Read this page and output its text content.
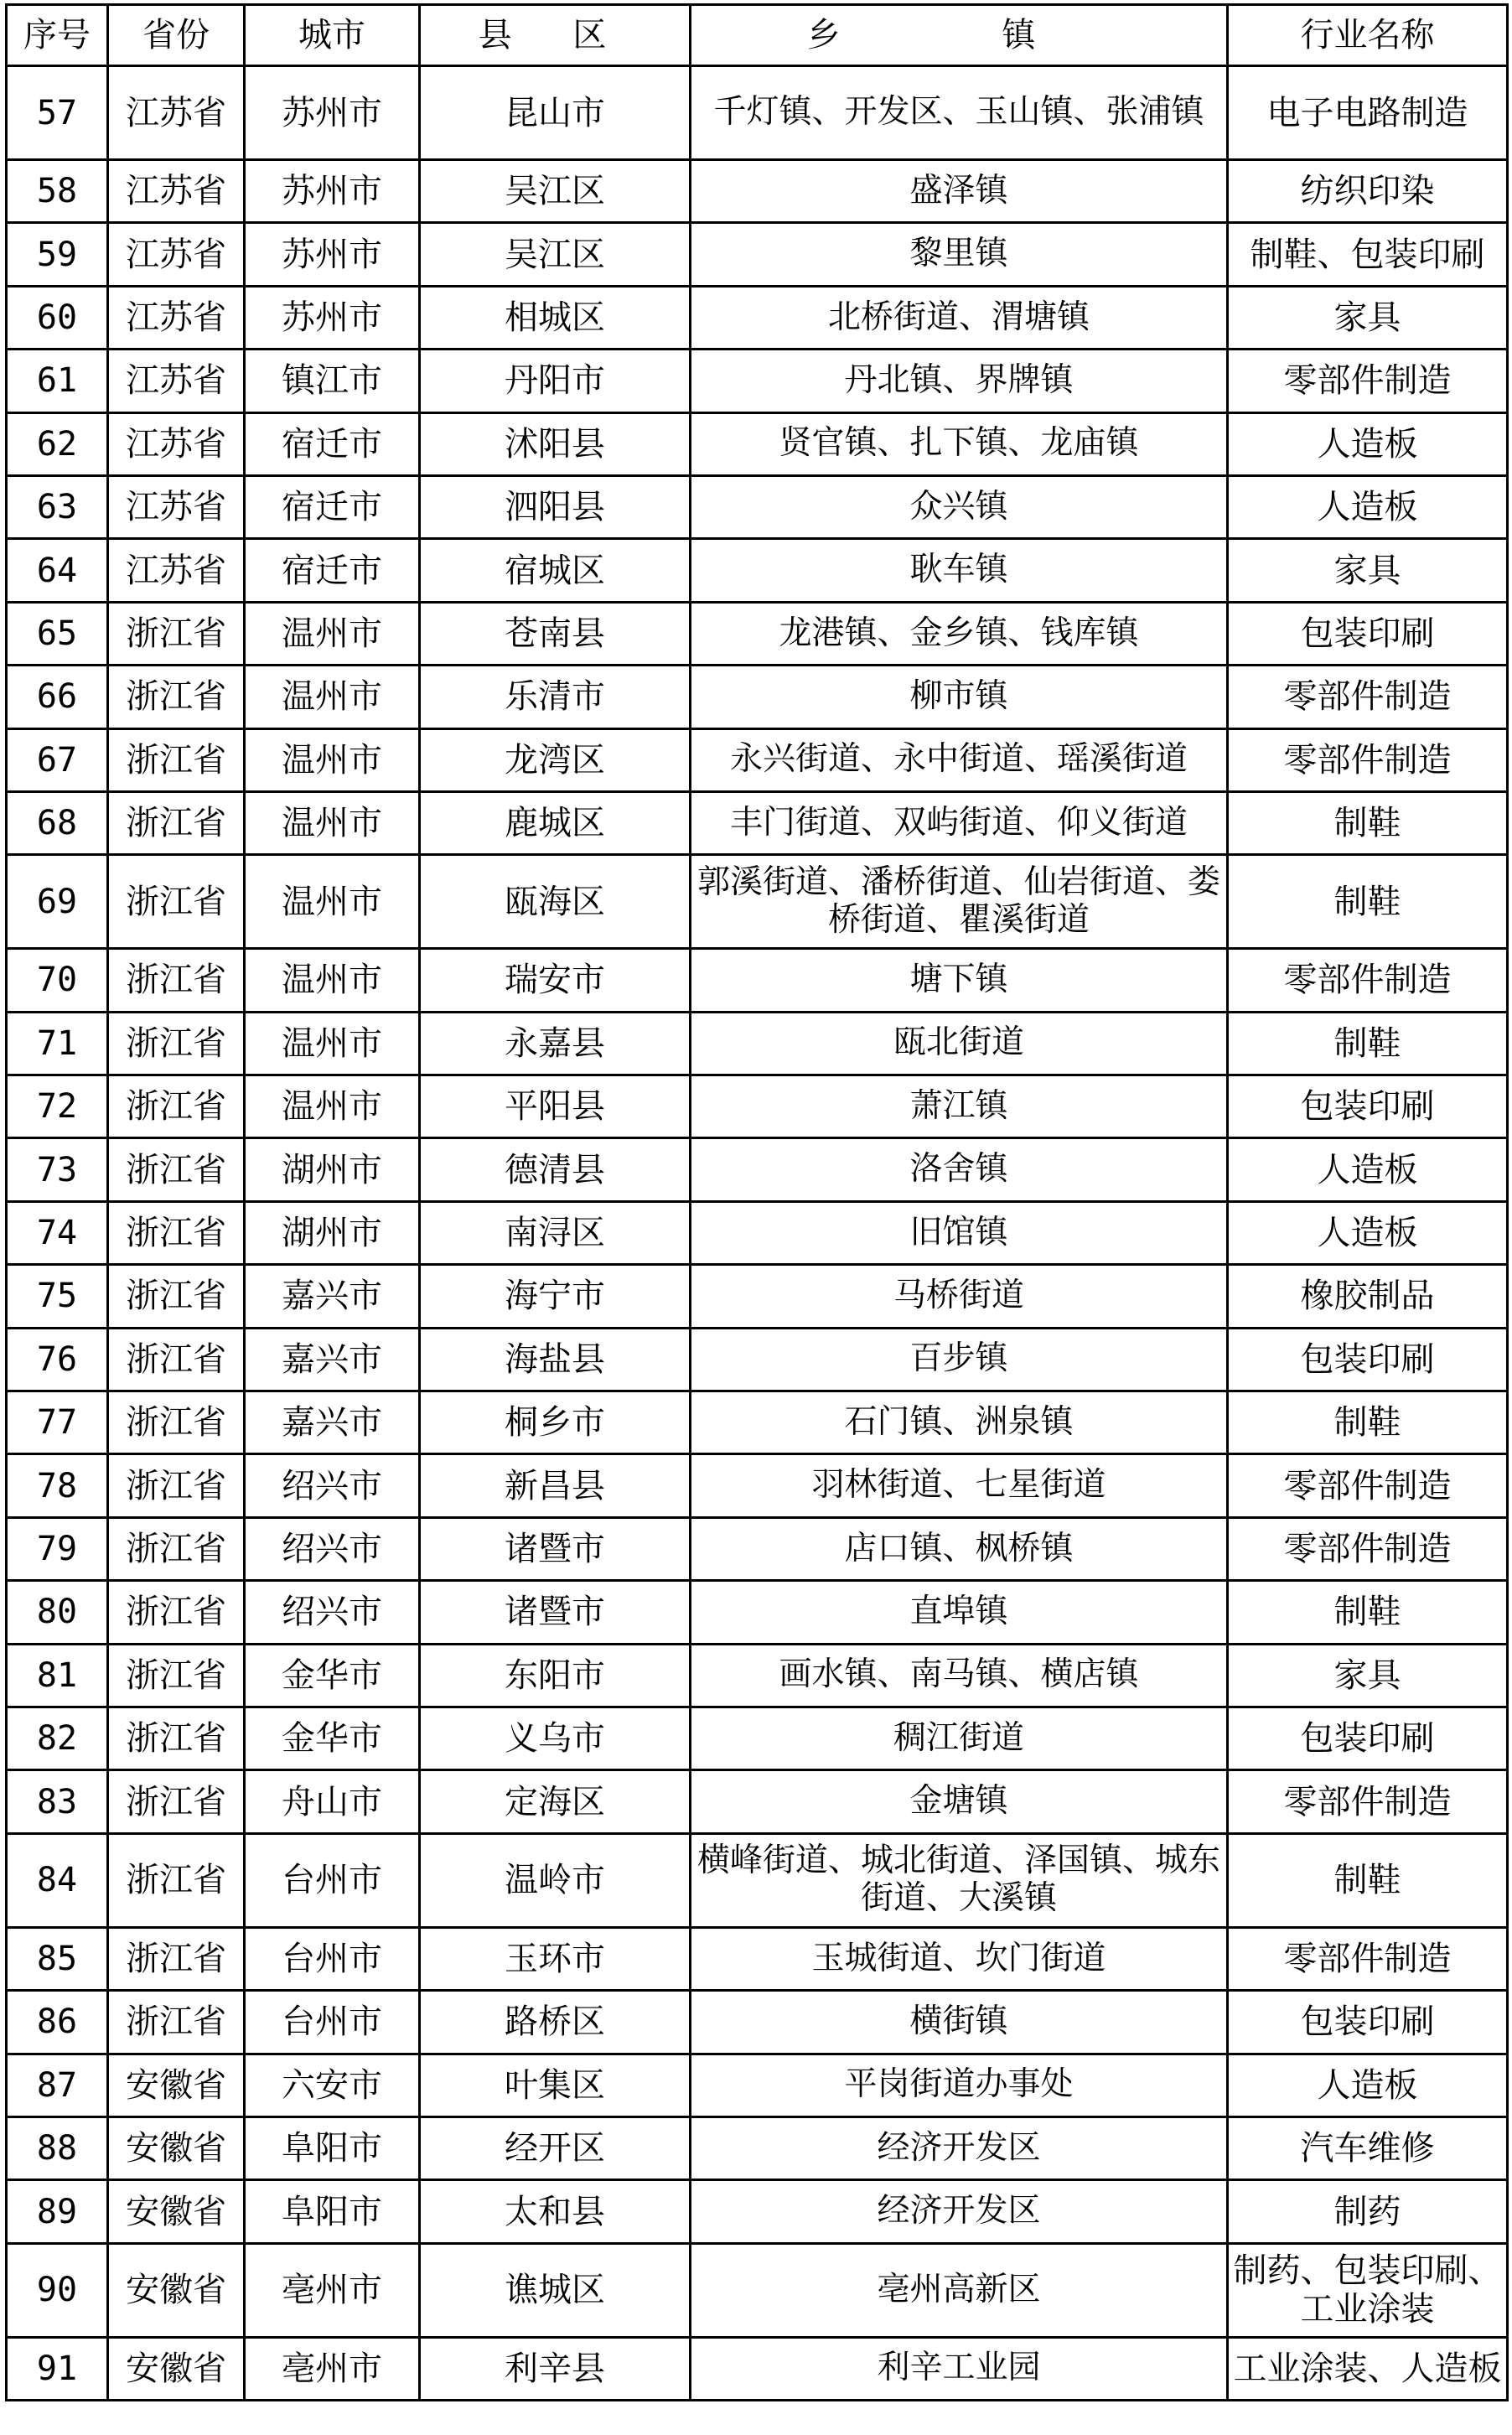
序号	省份	城市	县 区	乡 镇	行业名称
57	江苏省	苏州市	昆山市	千灯镇、开发区、玉山镇、张浦镇	电子电路制造
58	江苏省	苏州市	吴江区	盛泽镇	纺织印染
59	江苏省	苏州市	吴江区	黎里镇	制鞋、包装印刷
60	江苏省	苏州市	相城区	北桥街道、渭塘镇	家具
61	江苏省	镇江市	丹阳市	丹北镇、界牌镇	零部件制造
62	江苏省	宿迁市	沭阳县	贤官镇、扎下镇、龙庙镇	人造板
63	江苏省	宿迁市	泗阳县	众兴镇	人造板
64	江苏省	宿迁市	宿城区	耿车镇	家具
65	浙江省	温州市	苍南县	龙港镇、金乡镇、钱库镇	包装印刷
66	浙江省	温州市	乐清市	柳市镇	零部件制造
67	浙江省	温州市	龙湾区	永兴街道、永中街道、瑶溪街道	零部件制造
68	浙江省	温州市	鹿城区	丰门街道、双屿街道、仰义街道	制鞋
69	浙江省	温州市	瓯海区	郭溪街道、潘桥街道、仙岩街道、娄桥街道、瞿溪街道	制鞋
70	浙江省	温州市	瑞安市	塘下镇	零部件制造
71	浙江省	温州市	永嘉县	瓯北街道	制鞋
72	浙江省	温州市	平阳县	萧江镇	包装印刷
73	浙江省	湖州市	德清县	洛舍镇	人造板
74	浙江省	湖州市	南浔区	旧馆镇	人造板
75	浙江省	嘉兴市	海宁市	马桥街道	橡胶制品
76	浙江省	嘉兴市	海盐县	百步镇	包装印刷
77	浙江省	嘉兴市	桐乡市	石门镇、洲泉镇	制鞋
78	浙江省	绍兴市	新昌县	羽林街道、七星街道	零部件制造
79	浙江省	绍兴市	诸暨市	店口镇、枫桥镇	零部件制造
80	浙江省	绍兴市	诸暨市	直埠镇	制鞋
81	浙江省	金华市	东阳市	画水镇、南马镇、横店镇	家具
82	浙江省	金华市	义乌市	稠江街道	包装印刷
83	浙江省	舟山市	定海区	金塘镇	零部件制造
84	浙江省	台州市	温岭市	横峰街道、城北街道、泽国镇、城东街道、大溪镇	制鞋
85	浙江省	台州市	玉环市	玉城街道、坎门街道	零部件制造
86	浙江省	台州市	路桥区	横街镇	包装印刷
87	安徽省	六安市	叶集区	平岗街道办事处	人造板
88	安徽省	阜阳市	经开区	经济开发区	汽车维修
89	安徽省	阜阳市	太和县	经济开发区	制药
90	安徽省	亳州市	谯城区	亳州高新区	制药、包装印刷、工业涂装
91	安徽省	亳州市	利辛县	利辛工业园	工业涂装、人造板
